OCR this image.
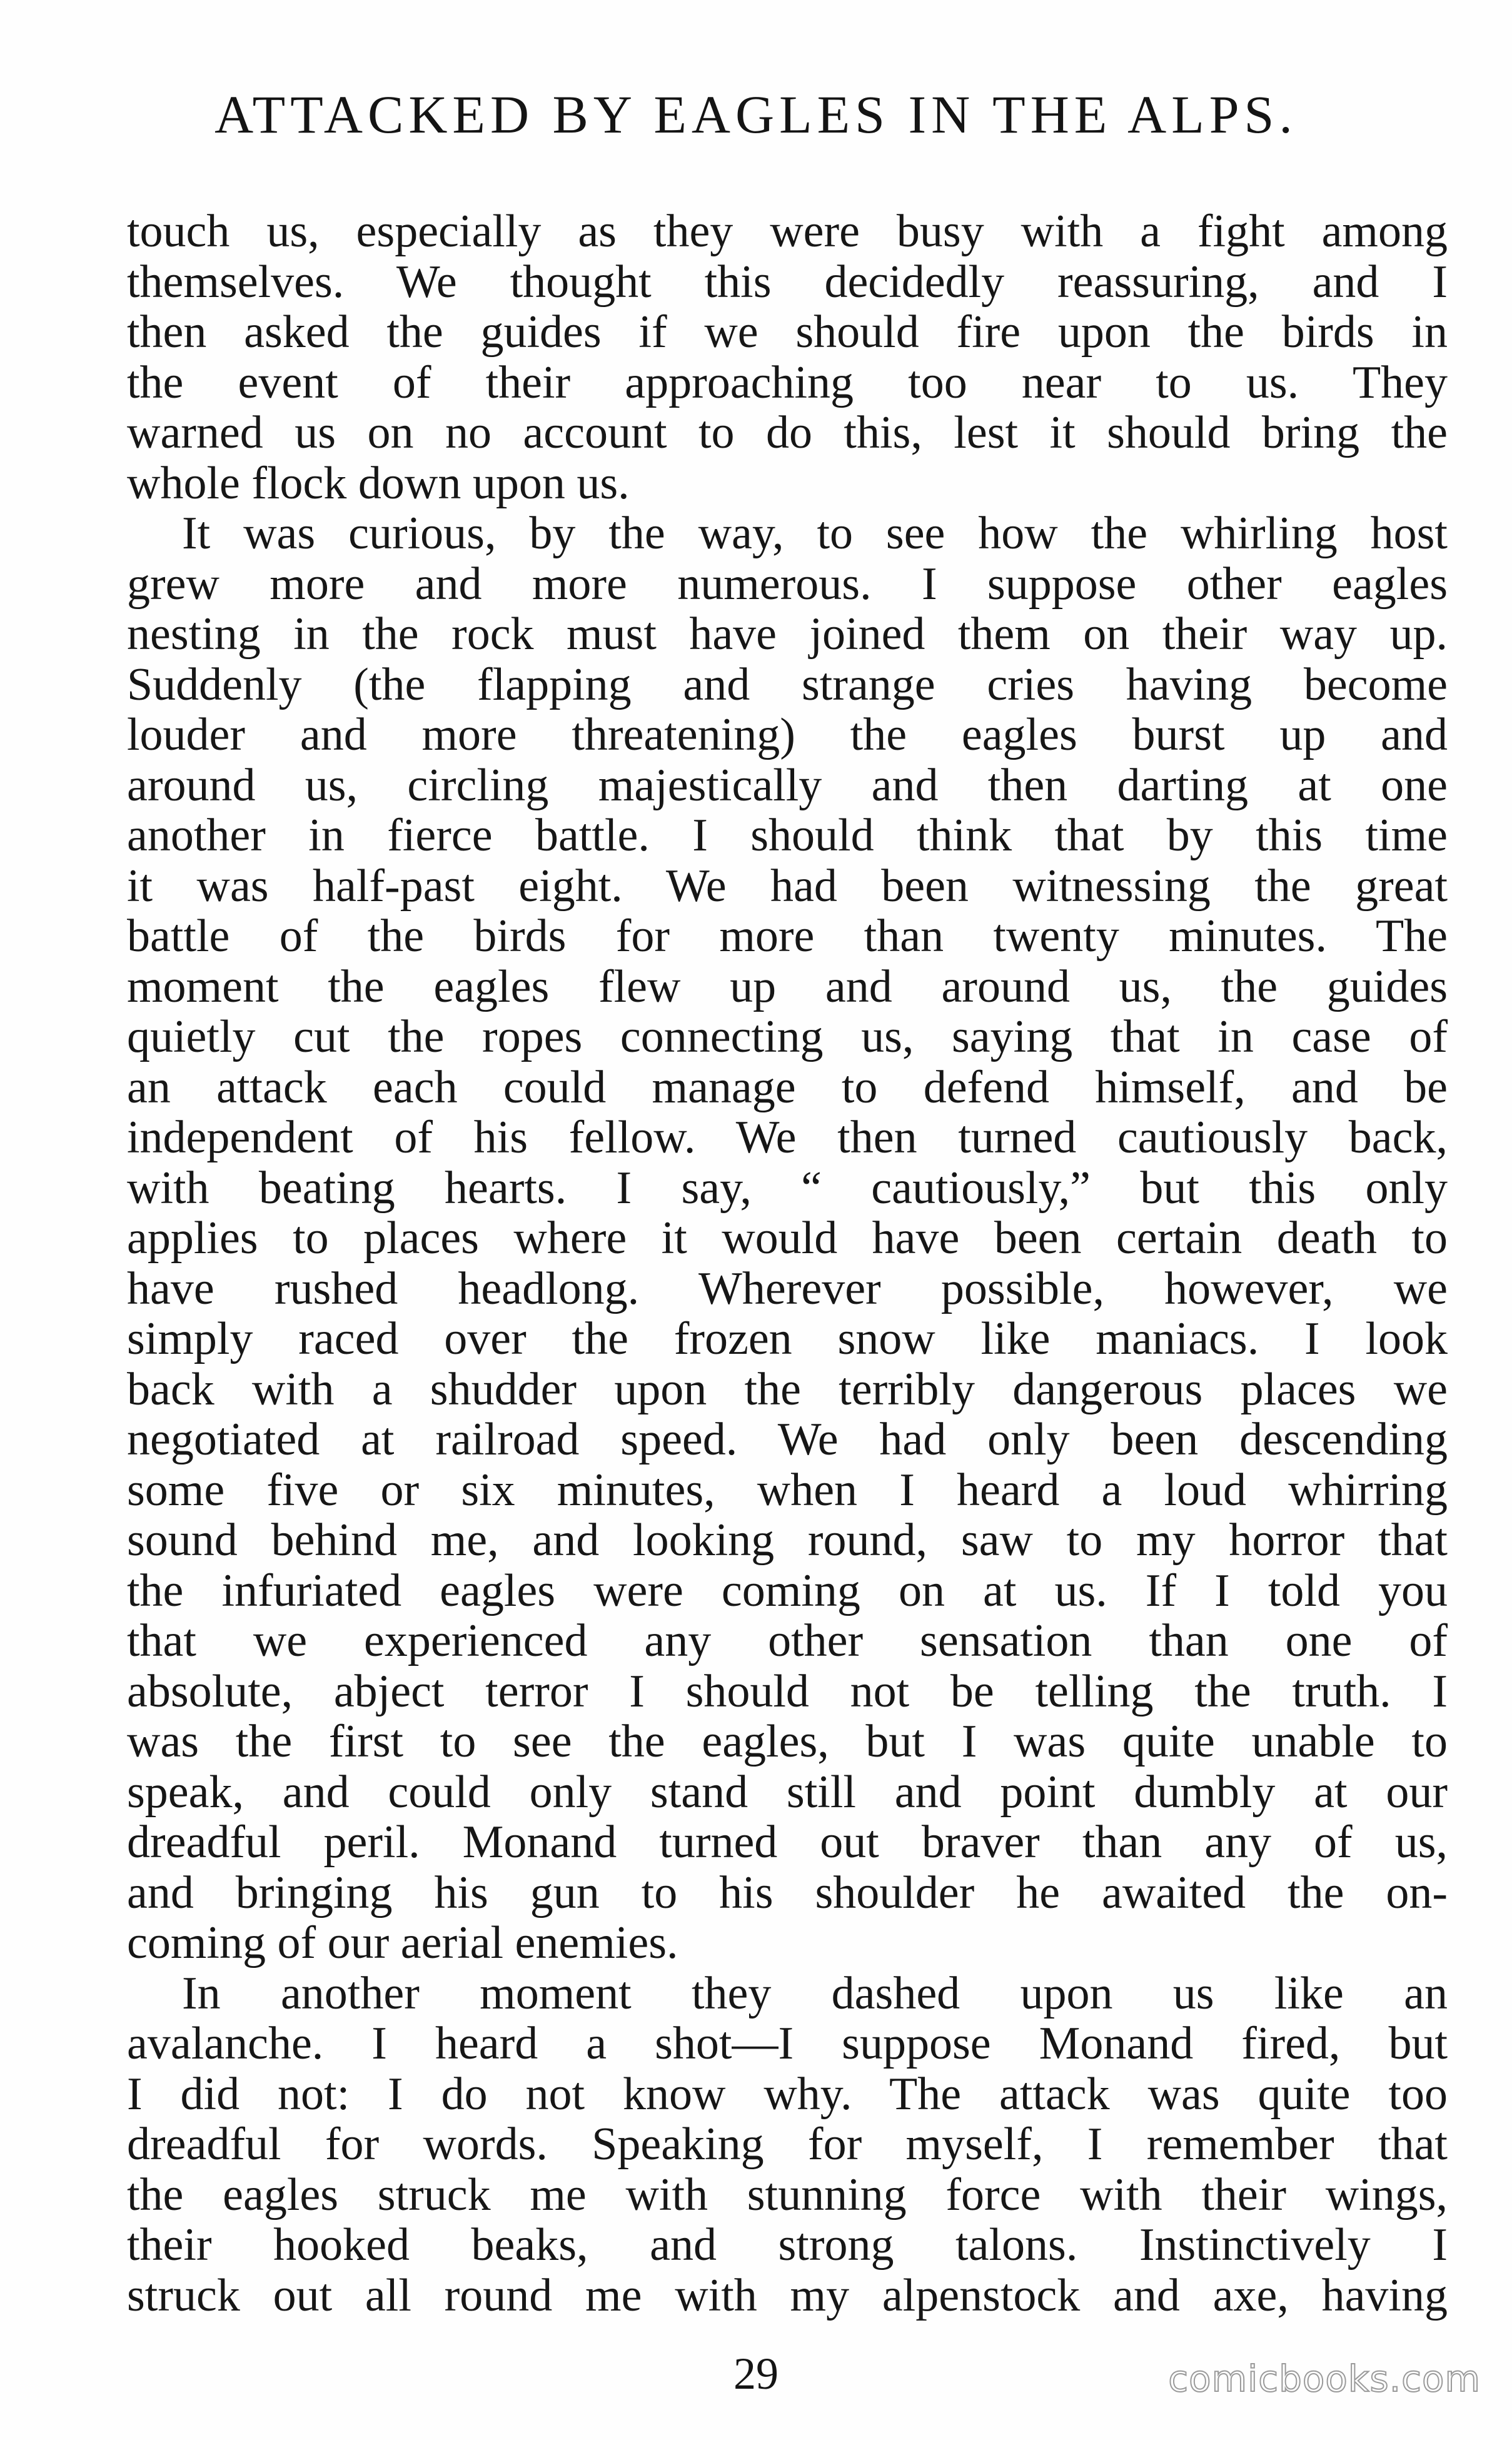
ATTACKED BY EAGLES IN THE ALPS.
touch us, especially as they were busy with a fight among
themselves. We thought this decidedly reassuring, and I
then asked the guides if we should fire upon the birds in
the event of their approaching too near to us. They
warned us on no account to do this, lest it should bring the
whole flock down upon us.
It was curious, by the way, to see how the whirling host
grew more and more numerous. I suppose other eagles
nesting in the rock must have joined them on their way up.
Suddenly (the flapping and strange cries having become
louder and more threatening) the eagles burst up and
around us, circling majestically and then darting at one
another in fierce battle. I should think that by this time
it was half-past eight. We had been witnessing the great
battle of the birds for more than twenty minutes. The
moment the eagles flew up and around us, the guides
quietly cut the ropes connecting us, saying that in case of
an attack each could manage to defend himself, and be
independent of his fellow. We then turned cautiously back,
with beating hearts. I say, “ cautiously,” but this only
applies to places where it would have been certain death to
have rushed headlong. Wherever possible, however, we
simply raced over the frozen snow like maniacs. I look
back with a shudder upon the terribly dangerous places we
negotiated at railroad speed. We had only been descending
some five or six minutes, when I heard a loud whirring
sound behind me, and looking round, saw to my horror that
the infuriated eagles were coming on at us. If I told you
that we experienced any other sensation than one of
absolute, abject terror I should not be telling the truth. I
was the first to see the eagles, but I was quite unable to
speak, and could only stand still and point dumbly at our
dreadful peril. Monand turned out braver than any of us,
and bringing his gun to his shoulder he awaited the on-
coming of our aerial enemies.
In another moment they dashed upon us like an
avalanche. I heard a shot—I suppose Monand fired, but
I did not: I do not know why. The attack was quite too
dreadful for words. Speaking for myself, I remember that
the eagles struck me with stunning force with their wings,
their hooked beaks, and strong talons. Instinctively I
struck out all round me with my alpenstock and axe, having
29	comicbooks.com
